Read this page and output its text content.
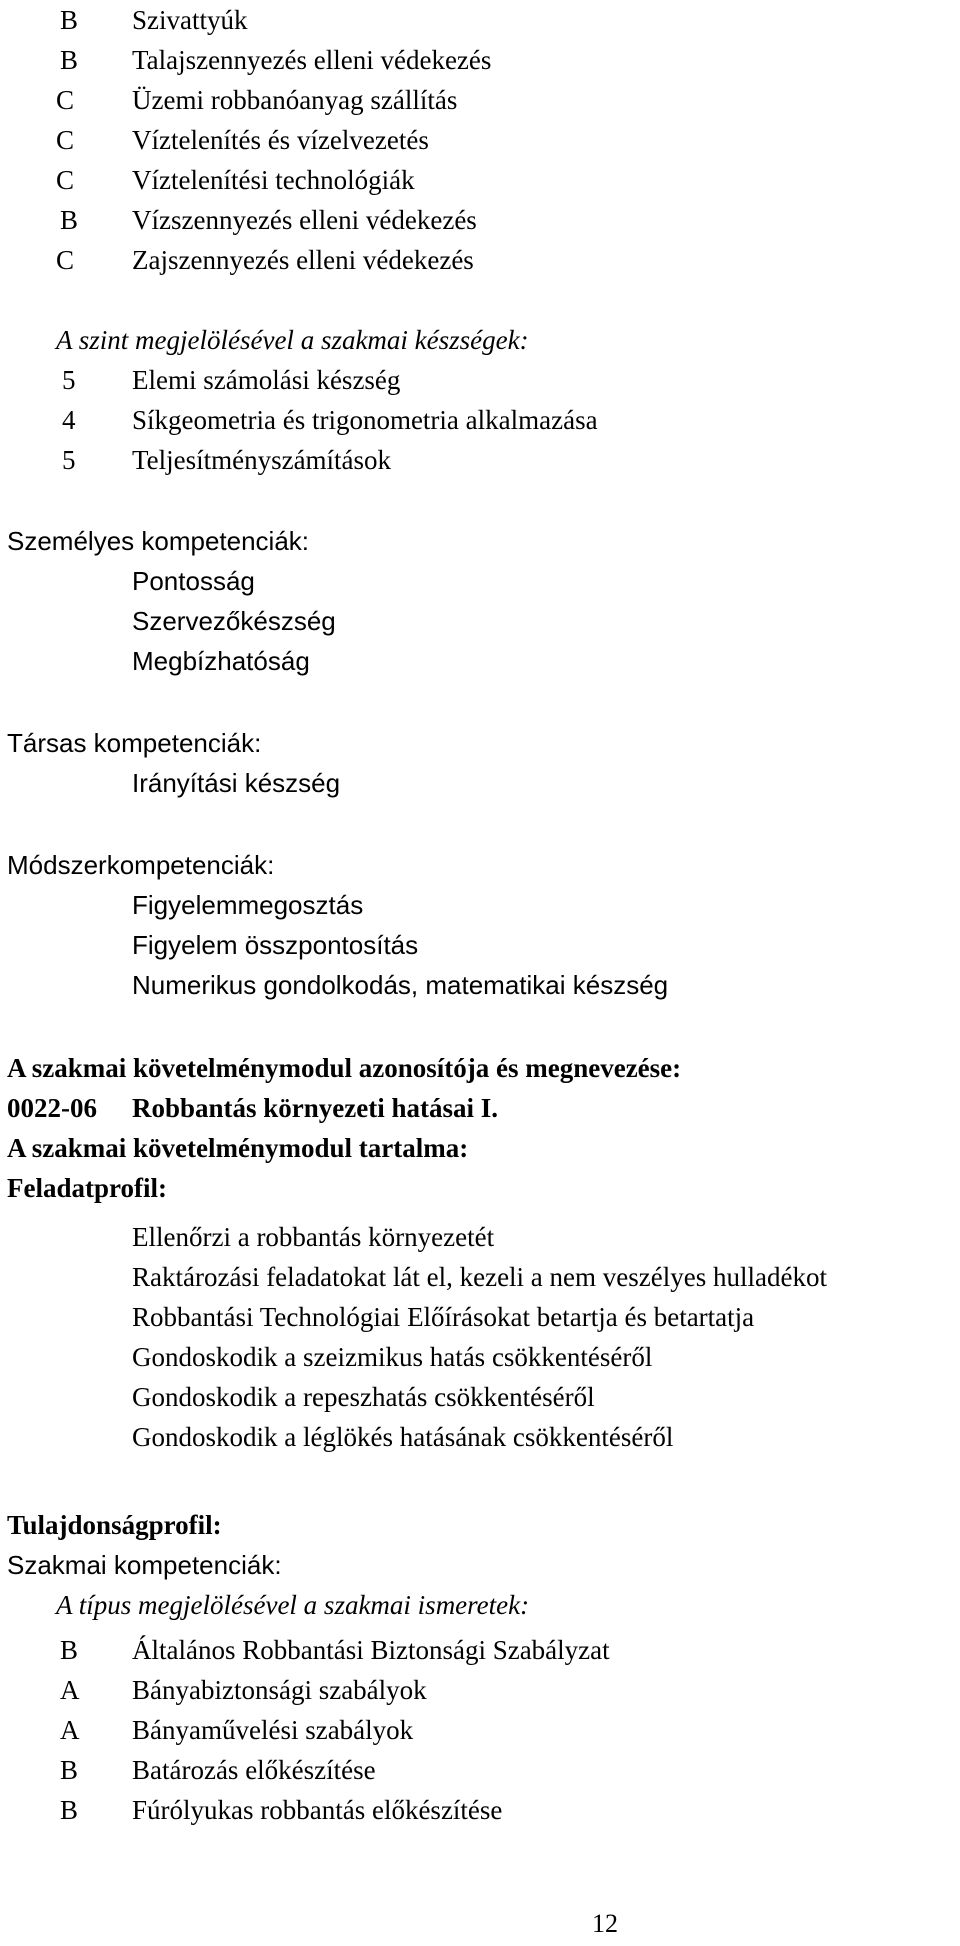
B Szivattyúk
B Talajszennyezés elleni védekezés
C Üzemi robbanóanyag szállítás
C Víztelenítés és vízelvezetés
C Víztelenítési technológiák
B Vízszennyezés elleni védekezés
C Zajszennyezés elleni védekezés
A szint megjelölésével a szakmai készségek:
5 Elemi számolási készség
4 Síkgeometria és trigonometria alkalmazása
5 Teljesítményszámítások
Személyes kompetenciák:
Pontosság
Szervezőkészség
Megbízhatóság
Társas kompetenciák:
Irányítási készség
Módszerkompetenciák:
Figyelemmegosztás
Figyelem összpontosítás
Numerikus gondolkodás, matematikai készség
A szakmai követelménymodul azonosítója és megnevezése:
0022-06 Robbantás környezeti hatásai I.
A szakmai követelménymodul tartalma:
Feladatprofil:
Ellenőrzi a robbantás környezetét
Raktározási feladatokat lát el, kezeli a nem veszélyes hulladékot
Robbantási Technológiai Előírásokat betartja és betartatja
Gondoskodik a szeizmikus hatás csökkentéséről
Gondoskodik a repeszhatás csökkentéséről
Gondoskodik a léglökés hatásának csökkentéséről
Tulajdonságprofil:
Szakmai kompetenciák:
A típus megjelölésével a szakmai ismeretek:
B Általános Robbantási Biztonsági Szabályzat
A Bányabiztonsági szabályok
A Bányaművelési szabályok
B Batározás előkészítése
B Fúrólyukas robbantás előkészítése
12
